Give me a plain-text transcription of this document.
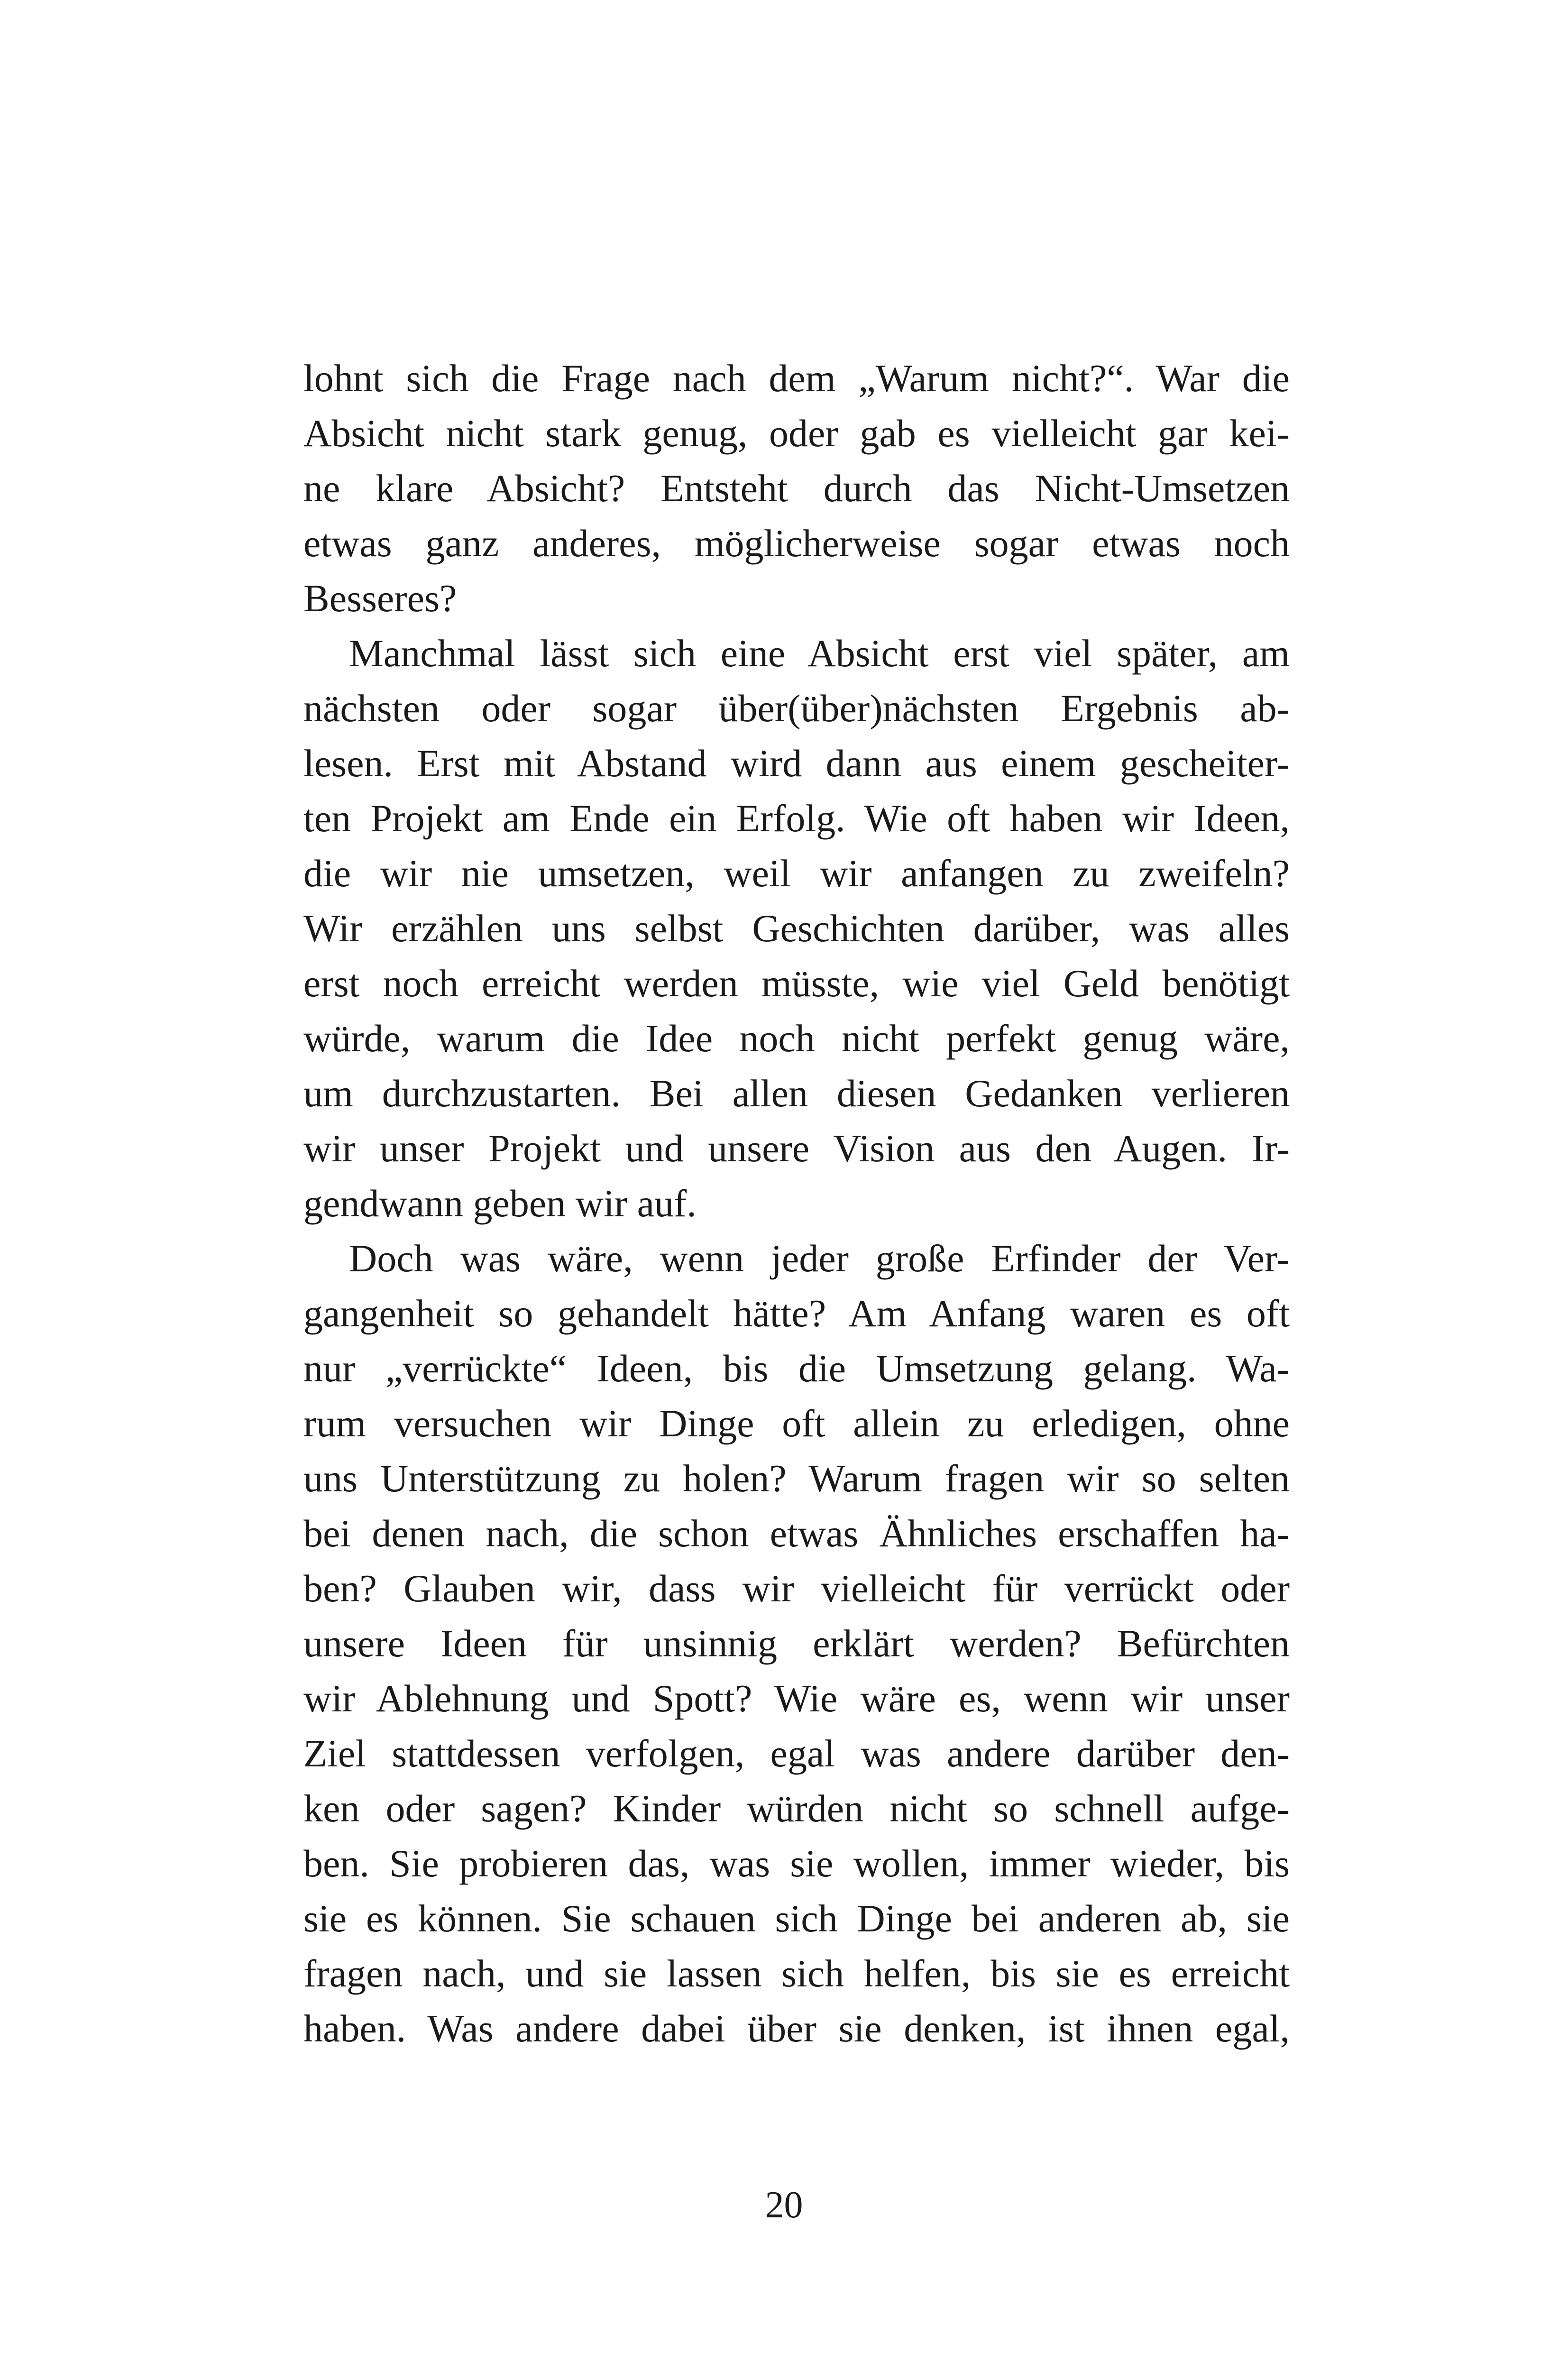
lohnt sich die Frage nach dem „Warum nicht?“. War die
Absicht nicht stark genug, oder gab es vielleicht gar kei-
ne klare Absicht? Entsteht durch das Nicht-Umsetzen
etwas ganz anderes, möglicherweise sogar etwas noch
Besseres?
Manchmal lässt sich eine Absicht erst viel später, am
nächsten oder sogar über(über)nächsten Ergebnis ab-
lesen. Erst mit Abstand wird dann aus einem gescheiter-
ten Projekt am Ende ein Erfolg. Wie oft haben wir Ideen,
die wir nie umsetzen, weil wir anfangen zu zweifeln?
Wir erzählen uns selbst Geschichten darüber, was alles
erst noch erreicht werden müsste, wie viel Geld benötigt
würde, warum die Idee noch nicht perfekt genug wäre,
um durchzustarten. Bei allen diesen Gedanken verlieren
wir unser Projekt und unsere Vision aus den Augen. Ir-
gendwann geben wir auf.
Doch was wäre, wenn jeder große Erfinder der Ver-
gangenheit so gehandelt hätte? Am Anfang waren es oft
nur „verrückte“ Ideen, bis die Umsetzung gelang. Wa-
rum versuchen wir Dinge oft allein zu erledigen, ohne
uns Unterstützung zu holen? Warum fragen wir so selten
bei denen nach, die schon etwas Ähnliches erschaffen ha-
ben? Glauben wir, dass wir vielleicht für verrückt oder
unsere Ideen für unsinnig erklärt werden? Befürchten
wir Ablehnung und Spott? Wie wäre es, wenn wir unser
Ziel stattdessen verfolgen, egal was andere darüber den-
ken oder sagen? Kinder würden nicht so schnell aufge-
ben. Sie probieren das, was sie wollen, immer wieder, bis
sie es können. Sie schauen sich Dinge bei anderen ab, sie
fragen nach, und sie lassen sich helfen, bis sie es erreicht
haben. Was andere dabei über sie denken, ist ihnen egal,
20
